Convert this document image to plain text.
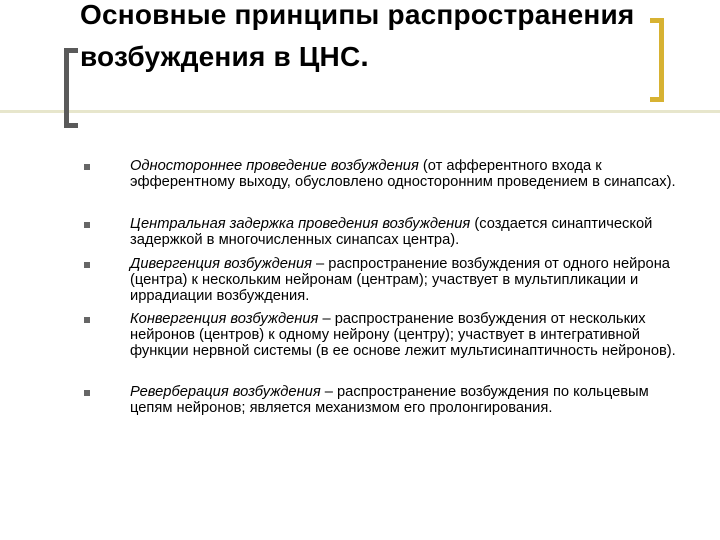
Основные принципы распространения
возбуждения в ЦНС.
Одностороннее проведение возбуждения (от афферентного входа к эфферентному выходу, обусловлено односторонним проведением в синапсах).
Центральная задержка проведения возбуждения (создается синаптической задержкой в многочисленных синапсах центра).
Дивергенция возбуждения – распространение возбуждения от одного нейрона (центра) к нескольким нейронам (центрам); участвует в мультипликации и иррадиации возбуждения.
Конвергенция возбуждения – распространение возбуждения от нескольких нейронов (центров) к одному нейрону (центру); участвует в интегративной функции нервной системы (в ее основе лежит мультисинаптичность нейронов).
Реверберация возбуждения – распространение возбуждения по кольцевым цепям нейронов; является механизмом его пролонгирования.
